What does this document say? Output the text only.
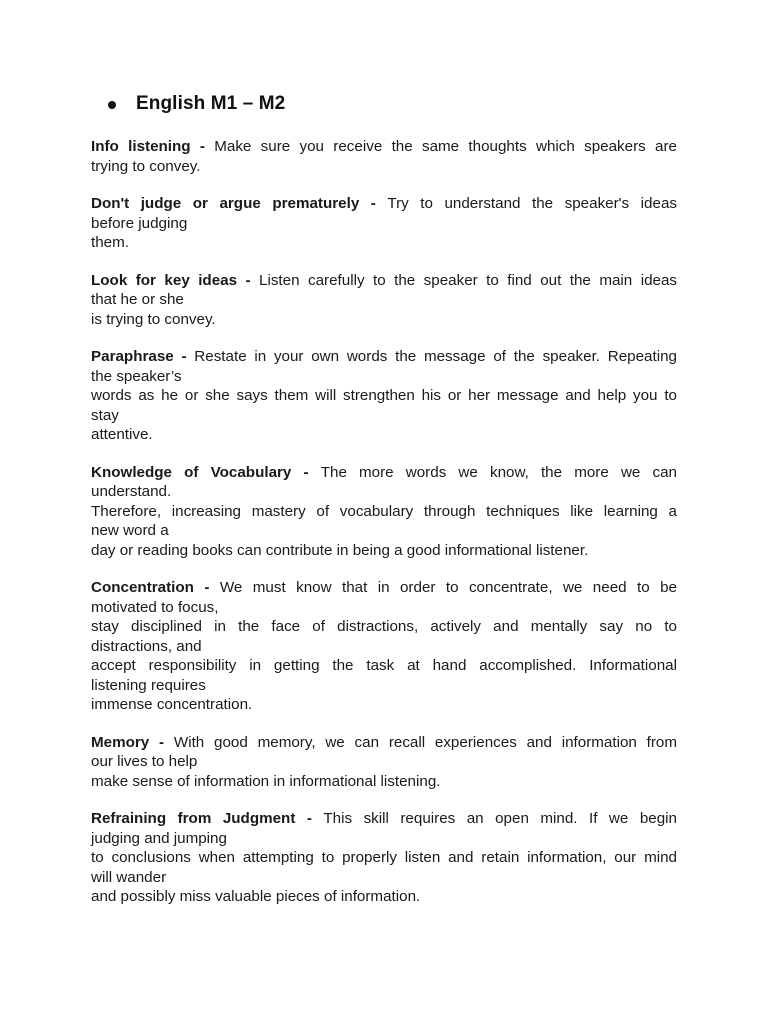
English M1 – M2
Info listening - Make sure you receive the same thoughts which speakers are
trying to convey.
Don't judge or argue prematurely - Try to understand the speaker's ideas
before judging
them.
Look for key ideas - Listen carefully to the speaker to find out the main ideas
that he or she
is trying to convey.
Paraphrase - Restate in your own words the message of the speaker. Repeating
the speaker’s
words as he or she says them will strengthen his or her message and help you to
stay
attentive.
Knowledge of Vocabulary - The more words we know, the more we can
understand.
Therefore, increasing mastery of vocabulary through techniques like learning a
new word a
day or reading books can contribute in being a good informational listener.
Concentration - We must know that in order to concentrate, we need to be
motivated to focus,
stay disciplined in the face of distractions, actively and mentally say no to
distractions, and
accept responsibility in getting the task at hand accomplished. Informational
listening requires
immense concentration.
Memory - With good memory, we can recall experiences and information from
our lives to help
make sense of information in informational listening.
Refraining from Judgment - This skill requires an open mind. If we begin
judging and jumping
to conclusions when attempting to properly listen and retain information, our mind
will wander
and possibly miss valuable pieces of information.
